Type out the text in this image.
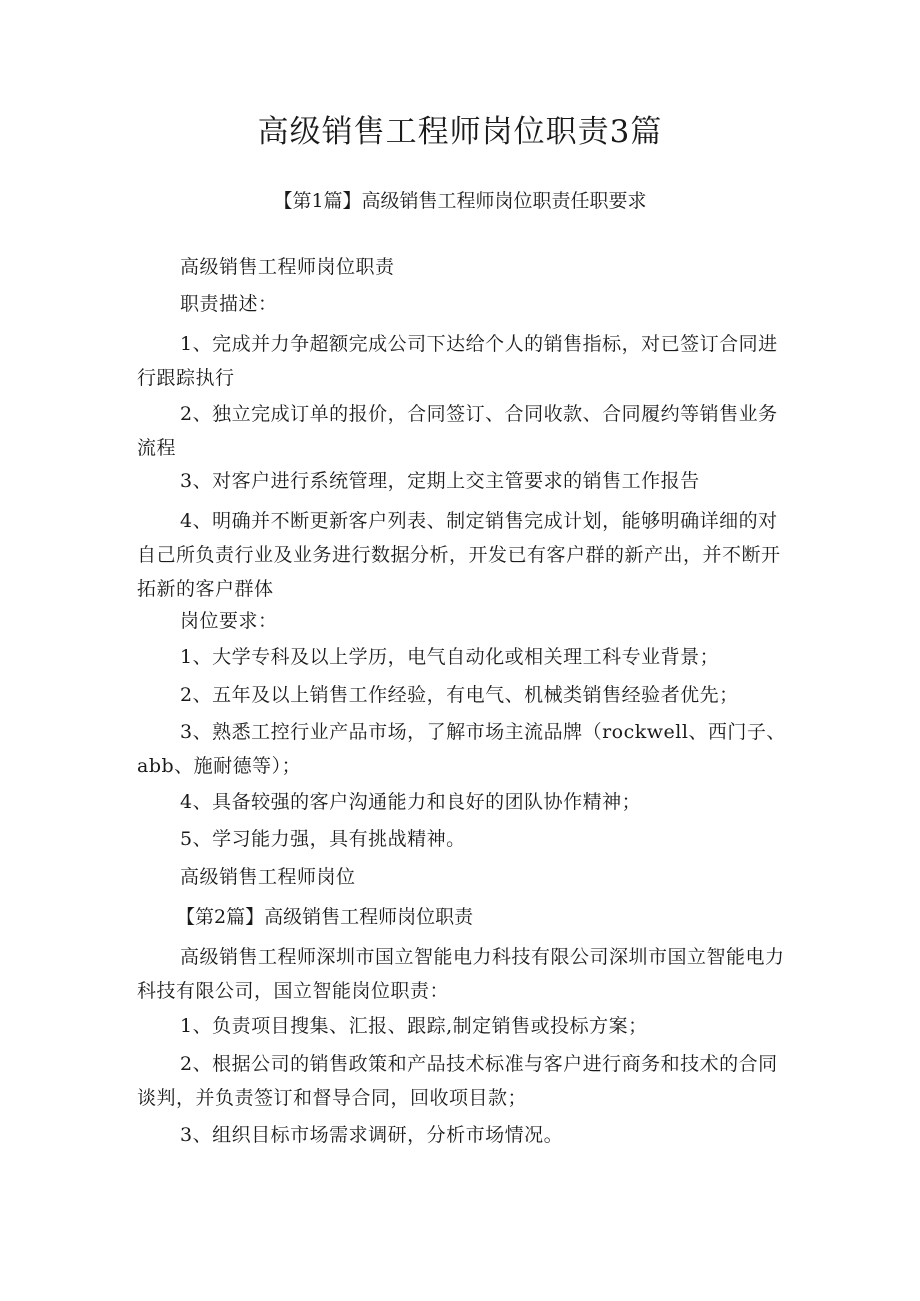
高级销售工程师岗位职责3篇
【第1篇】高级销售工程师岗位职责任职要求
高级销售工程师岗位职责
职责描述：
1、完成并力争超额完成公司下达给个人的销售指标，对已签订合同进行跟踪执行
2、独立完成订单的报价，合同签订、合同收款、合同履约等销售业务流程
3、对客户进行系统管理，定期上交主管要求的销售工作报告
4、明确并不断更新客户列表、制定销售完成计划，能够明确详细的对自己所负责行业及业务进行数据分析，开发已有客户群的新产出，并不断开拓新的客户群体
岗位要求：
1、大学专科及以上学历，电气自动化或相关理工科专业背景；
2、五年及以上销售工作经验，有电气、机械类销售经验者优先；
3、熟悉工控行业产品市场，了解市场主流品牌（rockwell、西门子、abb、施耐德等）；
4、具备较强的客户沟通能力和良好的团队协作精神；
5、学习能力强，具有挑战精神。
高级销售工程师岗位
【第2篇】高级销售工程师岗位职责
高级销售工程师深圳市国立智能电力科技有限公司深圳市国立智能电力科技有限公司，国立智能岗位职责：
1、负责项目搜集、汇报、跟踪,制定销售或投标方案；
2、根据公司的销售政策和产品技术标准与客户进行商务和技术的合同谈判，并负责签订和督导合同，回收项目款；
3、组织目标市场需求调研，分析市场情况。
